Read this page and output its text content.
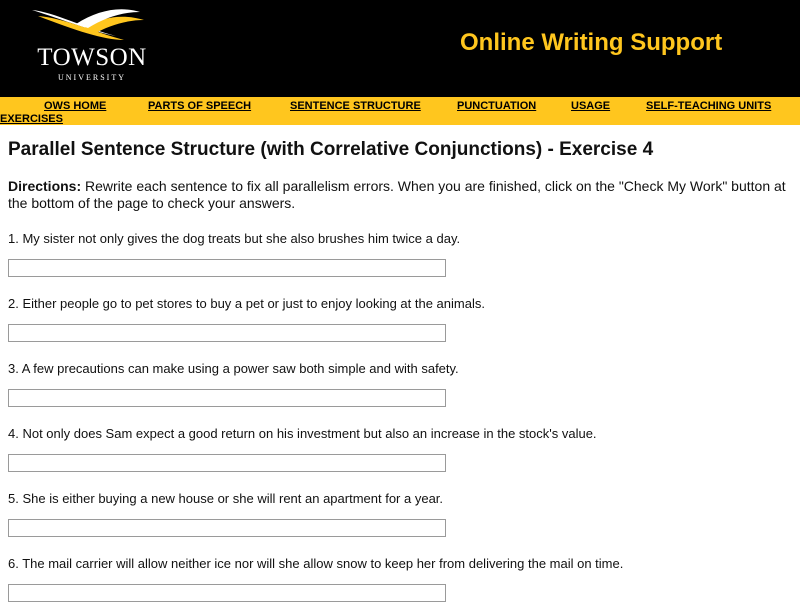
TOWSON
UNIVERSITY
Online Writing Support
OWS HOME	PARTS OF SPEECH	SENTENCE STRUCTURE	PUNCTUATION	USAGE	SELF-TEACHING UNITS
EXERCISES
Parallel Sentence Structure (with Correlative Conjunctions) - Exercise 4
Directions: Rewrite each sentence to fix all parallelism errors. When you are finished, click on the "Check My Work" button at the bottom of the page to check your answers.
1. My sister not only gives the dog treats but she also brushes him twice a day.
2. Either people go to pet stores to buy a pet or just to enjoy looking at the animals.
3. A few precautions can make using a power saw both simple and with safety.
4. Not only does Sam expect a good return on his investment but also an increase in the stock's value.
5. She is either buying a new house or she will rent an apartment for a year.
6. The mail carrier will allow neither ice nor will she allow snow to keep her from delivering the mail on time.
